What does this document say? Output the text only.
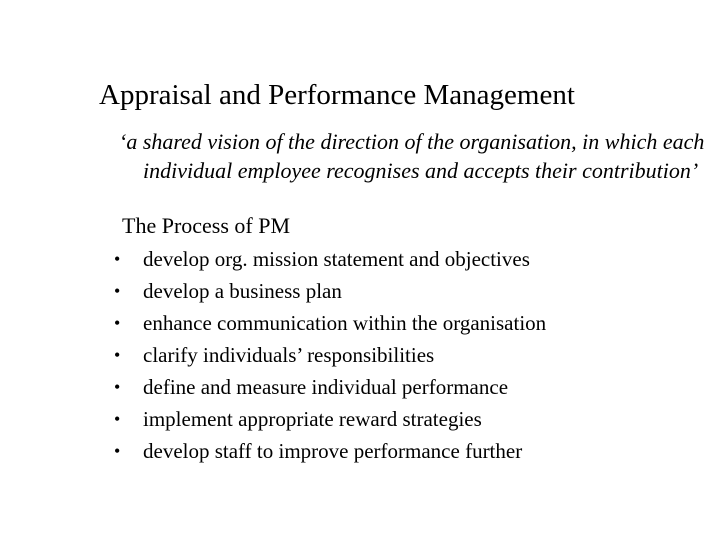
Appraisal and Performance Management
‘a shared vision of the direction of the organisation, in which each individual employee recognises and accepts their contribution’
The Process of PM
•	develop org. mission statement and objectives
•	develop a business plan
•	enhance communication within the organisation
•	clarify individuals’ responsibilities
•	define and measure individual performance
•	implement appropriate reward strategies
•	develop staff to improve performance further
